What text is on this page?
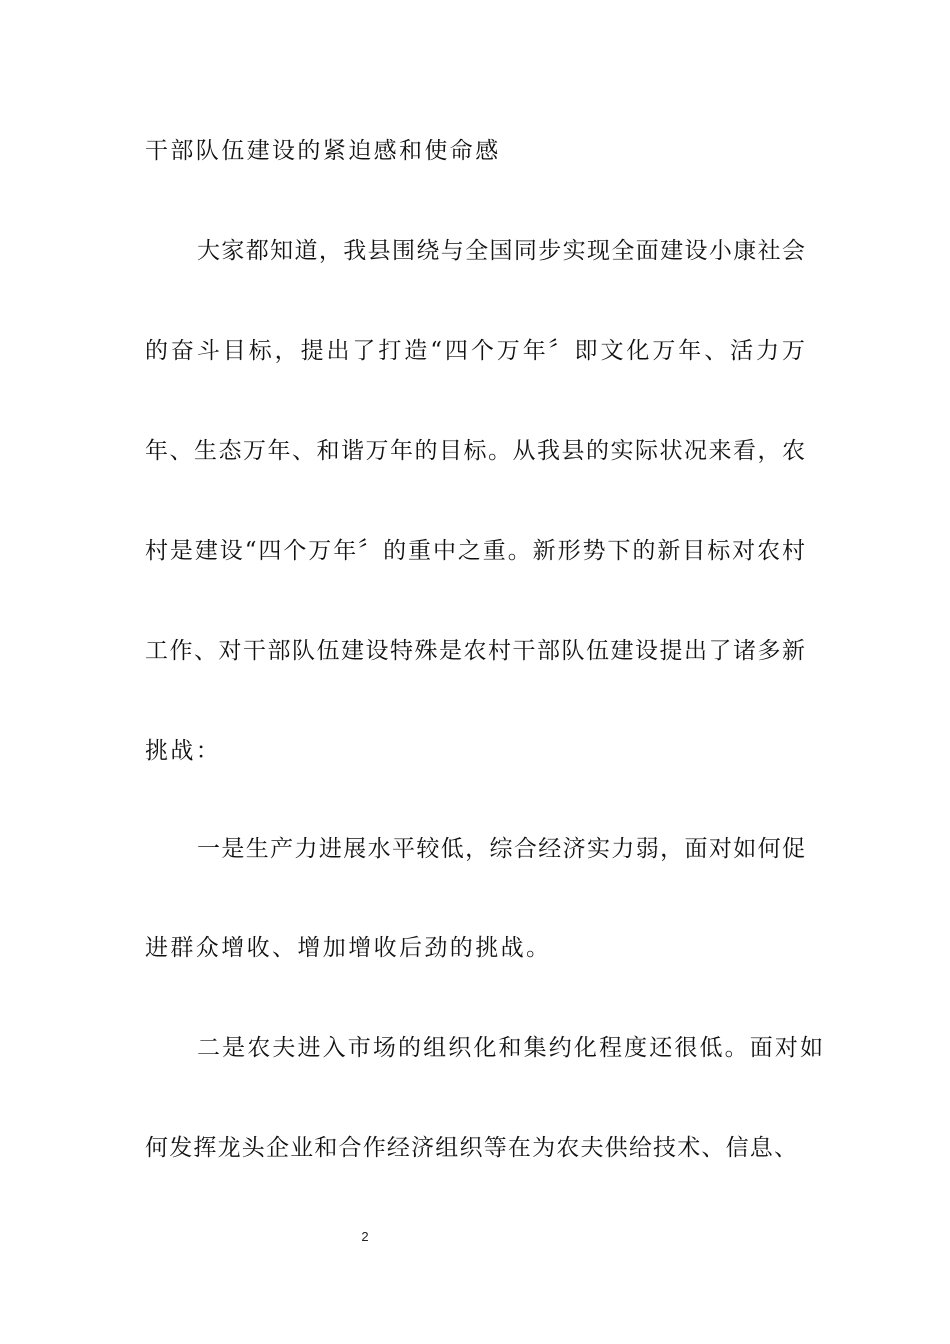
干部队伍建设的紧迫感和使命感
大家都知道，我县围绕与全国同步实现全面建设小康社会
的奋斗目标，提出了打造“四个万年〞即文化万年、活力万
年、生态万年、和谐万年的目标。从我县的实际状况来看，农
村是建设“四个万年〞的重中之重。新形势下的新目标对农村
工作、对干部队伍建设特殊是农村干部队伍建设提出了诸多新
挑战：
一是生产力进展水平较低，综合经济实力弱，面对如何促
进群众增收、增加增收后劲的挑战。
二是农夫进入市场的组织化和集约化程度还很低。面对如
何发挥龙头企业和合作经济组织等在为农夫供给技术、信息、
2
